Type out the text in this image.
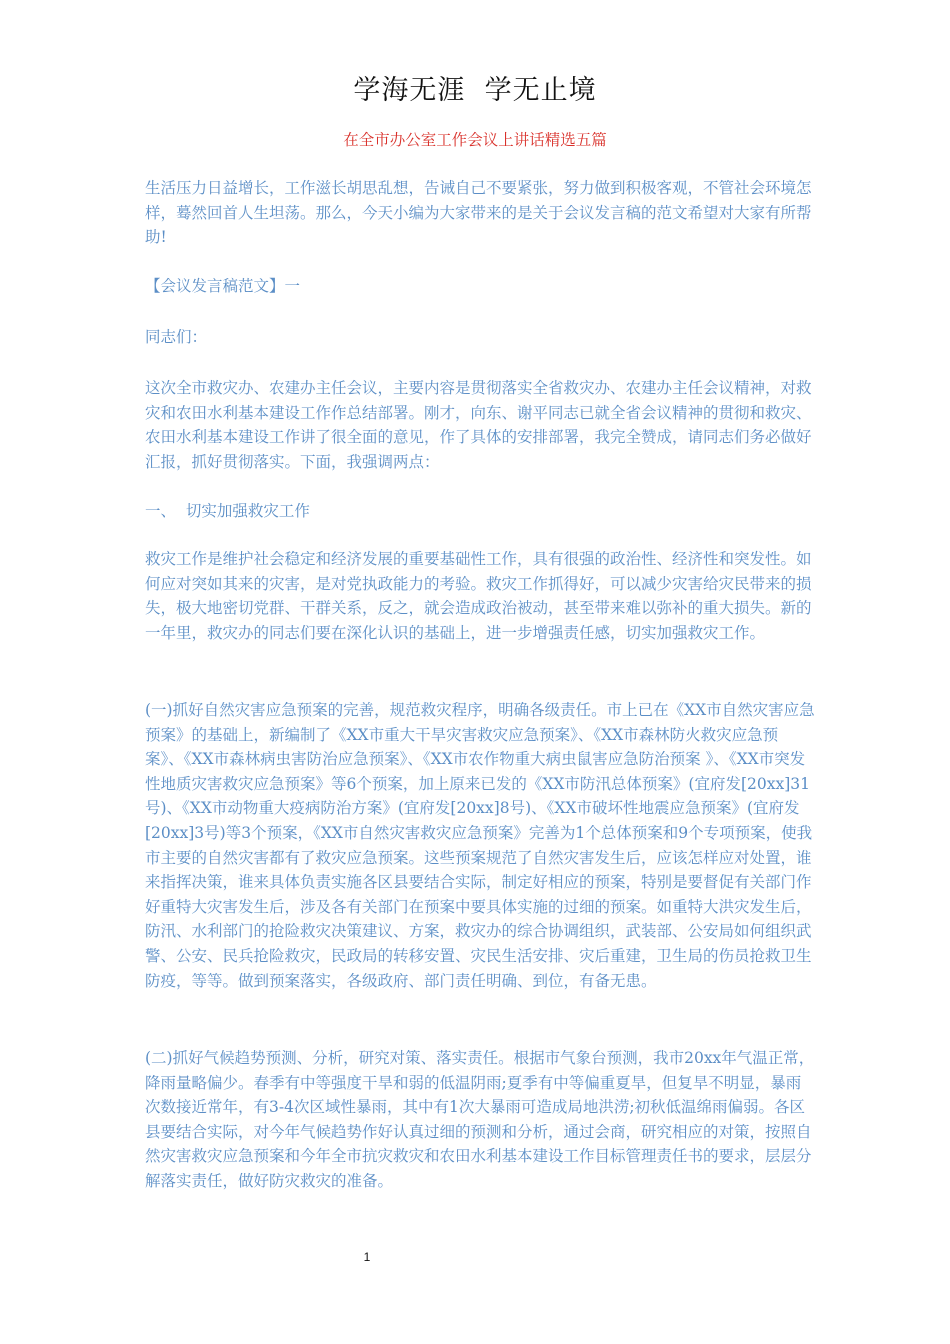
学海无涯  学无止境
在全市办公室工作会议上讲话精选五篇

生活压力日益增长，工作滋长胡思乱想，告诫自己不要紧张，努力做到积极客观，不管社会环境怎样，蓦然回首人生坦荡。那么，今天小编为大家带来的是关于会议发言稿的范文希望对大家有所帮助!

【会议发言稿范文】一

同志们：

这次全市救灾办、农建办主任会议，主要内容是贯彻落实全省救灾办、农建办主任会议精神，对救灾和农田水利基本建设工作作总结部署。刚才，向东、谢平同志已就全省会议精神的贯彻和救灾、农田水利基本建设工作讲了很全面的意见，作了具体的安排部署，我完全赞成，请同志们务必做好汇报，抓好贯彻落实。下面，我强调两点：

一、  切实加强救灾工作

救灾工作是维护社会稳定和经济发展的重要基础性工作，具有很强的政治性、经济性和突发性。如何应对突如其来的灾害，是对党执政能力的考验。救灾工作抓得好，可以减少灾害给灾民带来的损失，极大地密切党群、干群关系，反之，就会造成政治被动，甚至带来难以弥补的重大损失。新的一年里，救灾办的同志们要在深化认识的基础上，进一步增强责任感，切实加强救灾工作。

(一)抓好自然灾害应急预案的完善，规范救灾程序，明确各级责任。市上已在《XX市自然灾害应急预案》的基础上，新编制了《XX市重大干旱灾害救灾应急预案》、《XX市森林防火救灾应急预案》、《XX市森林病虫害防治应急预案》、《XX市农作物重大病虫鼠害应急防治预案 》、《XX市突发性地质灾害救灾应急预案》等6个预案，加上原来已发的《XX市防汛总体预案》(宜府发[20xx]31号)、《XX市动物重大疫病防治方案》(宜府发[20xx]8号)、《XX市破坏性地震应急预案》(宜府发[20xx]3号)等3个预案，《XX市自然灾害救灾应急预案》完善为1个总体预案和9个专项预案，使我市主要的自然灾害都有了救灾应急预案。这些预案规范了自然灾害发生后，应该怎样应对处置，谁来指挥决策，谁来具体负责实施各区县要结合实际，制定好相应的预案，特别是要督促有关部门作好重特大灾害发生后，涉及各有关部门在预案中要具体实施的过细的预案。如重特大洪灾发生后，防汛、水利部门的抢险救灾决策建议、方案，救灾办的综合协调组织，武装部、公安局如何组织武警、公安、民兵抢险救灾，民政局的转移安置、灾民生活安排、灾后重建，卫生局的伤员抢救卫生防疫，等等。做到预案落实，各级政府、部门责任明确、到位，有备无患。

(二)抓好气候趋势预测、分析，研究对策、落实责任。根据市气象台预测，我市20xx年气温正常，降雨量略偏少。春季有中等强度干旱和弱的低温阴雨;夏季有中等偏重夏旱，但复旱不明显，暴雨次数接近常年，有3-4次区域性暴雨，其中有1次大暴雨可造成局地洪涝;初秋低温绵雨偏弱。各区县要结合实际，对今年气候趋势作好认真过细的预测和分析，通过会商，研究相应的对策，按照自然灾害救灾应急预案和今年全市抗灾救灾和农田水利基本建设工作目标管理责任书的要求，层层分解落实责任，做好防灾救灾的准备。

1
